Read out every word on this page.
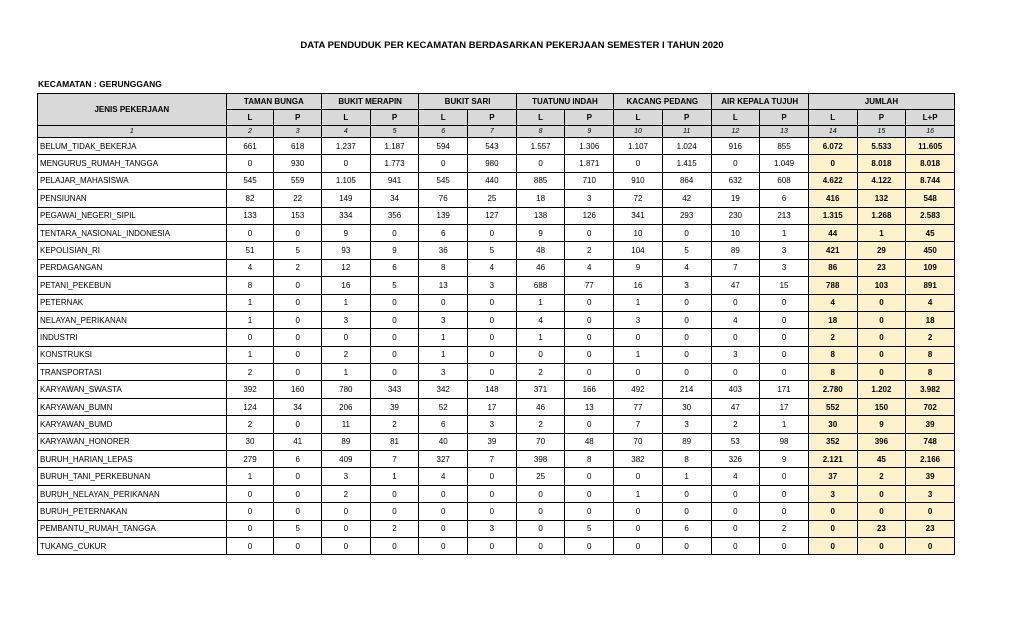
DATA PENDUDUK PER KECAMATAN BERDASARKAN PEKERJAAN SEMESTER I TAHUN 2020
KECAMATAN : GERUNGGANG
JENIS PEKERJAAN	TAMAN BUNGA		BUKIT MERAPIN		BUKIT SARI		TUATUNU INDAH		KACANG PEDANG		AIR KEPALA TUJUH		JUMLAH		
	L	P	L	P	L	P	L	P	L	P	L	P	L	P	L+P
1	2	3	4	5	6	7	8	9	10	11	12	13	14	15	16
BELUM_TIDAK_BEKERJA	661	618	1.237	1.187	594	543	1.557	1.306	1.107	1.024	916	855	6.072	5.533	11.605
MENGURUS_RUMAH_TANGGA	0	930	0	1.773	0	980	0	1.871	0	1.415	0	1.049	0	8.018	8.018
PELAJAR_MAHASISWA	545	559	1.105	941	545	440	885	710	910	864	632	608	4.622	4.122	8.744
PENSIUNAN	82	22	149	34	76	25	18	3	72	42	19	6	416	132	548
PEGAWAI_NEGERI_SIPIL	133	153	334	356	139	127	138	126	341	293	230	213	1.315	1.268	2.583
TENTARA_NASIONAL_INDONESIA	0	0	9	0	6	0	9	0	10	0	10	1	44	1	45
KEPOLISIAN_RI	51	5	93	9	36	5	48	2	104	5	89	3	421	29	450
PERDAGANGAN	4	2	12	6	8	4	46	4	9	4	7	3	86	23	109
PETANI_PEKEBUN	8	0	16	5	13	3	688	77	16	3	47	15	788	103	891
PETERNAK	1	0	1	0	0	0	1	0	1	0	0	0	4	0	4
NELAYAN_PERIKANAN	1	0	3	0	3	0	4	0	3	0	4	0	18	0	18
INDUSTRI	0	0	0	0	1	0	1	0	0	0	0	0	2	0	2
KONSTRUKSI	1	0	2	0	1	0	0	0	1	0	3	0	8	0	8
TRANSPORTASI	2	0	1	0	3	0	2	0	0	0	0	0	8	0	8
KARYAWAN_SWASTA	392	160	780	343	342	148	371	166	492	214	403	171	2.780	1.202	3.982
KARYAWAN_BUMN	124	34	206	39	52	17	46	13	77	30	47	17	552	150	702
KARYAWAN_BUMD	2	0	11	2	6	3	2	0	7	3	2	1	30	9	39
KARYAWAN_HONORER	30	41	89	81	40	39	70	48	70	89	53	98	352	396	748
BURUH_HARIAN_LEPAS	279	6	409	7	327	7	398	8	382	8	326	9	2.121	45	2.166
BURUH_TANI_PERKEBUNAN	1	0	3	1	4	0	25	0	0	1	4	0	37	2	39
BURUH_NELAYAN_PERIKANAN	0	0	2	0	0	0	0	0	1	0	0	0	3	0	3
BURUH_PETERNAKAN	0	0	0	0	0	0	0	0	0	0	0	0	0	0	0
PEMBANTU_RUMAH_TANGGA	0	5	0	2	0	3	0	5	0	6	0	2	0	23	23
TUKANG_CUKUR	0	0	0	0	0	0	0	0	0	0	0	0	0	0	0
